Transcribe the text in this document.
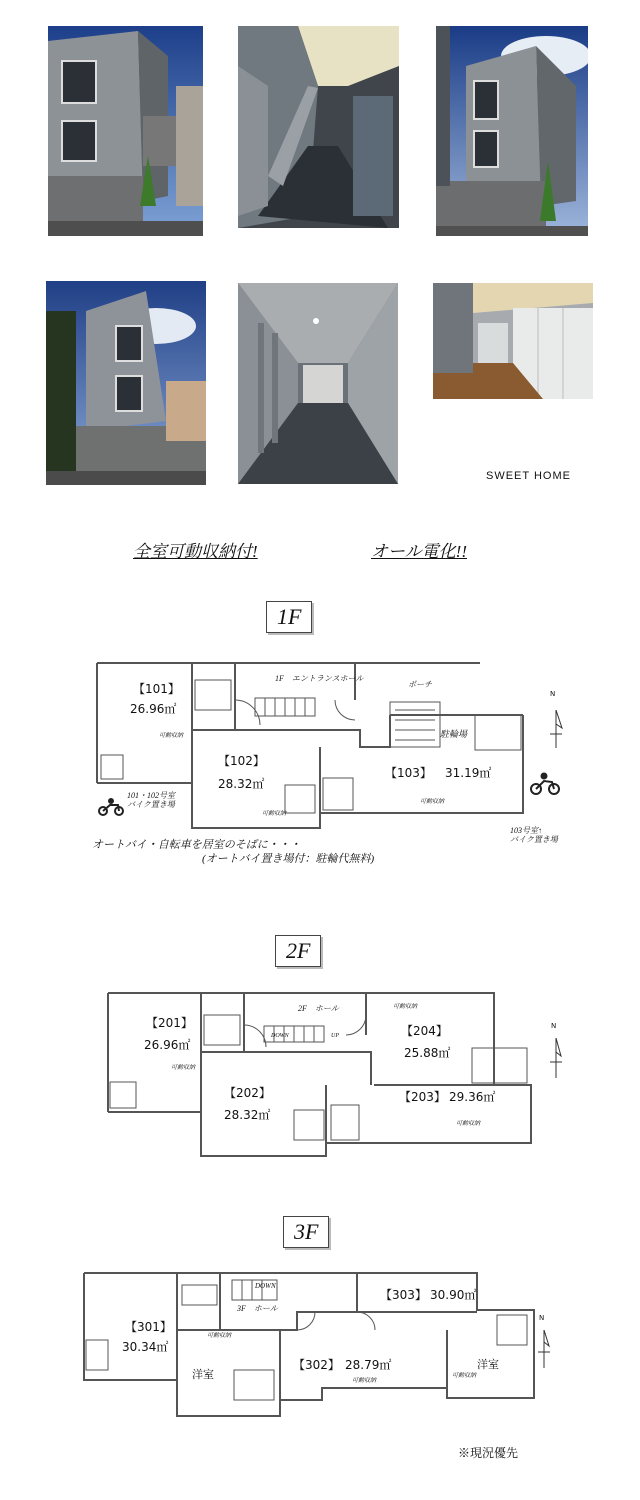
SWEET HOME
全室可動収納付!	オール電化!!
1F
1F　エントランスホール
ポーチ
駐輪場
【101】
26.96㎡
【102】
28.32㎡
【103】 31.19㎡
可動収納
可動収納
可動収納
N
101・102号室
バイク置き場
103号室↑
バイク置き場
オートバイ・自転車を居室のそばに・・・
(オートバイ置き場付：駐輪代無料)
2F
2F　ホール
DOWN	UP
【201】
26.96㎡
【202】
28.32㎡
【203】 29.36㎡
【204】
25.88㎡
可動収納
可動収納
可動収納
N
3F
DOWN
3F　ホール
【301】
30.34㎡
【302】 28.79㎡
【303】 30.90㎡
洋室
洋室
可動収納
可動収納
可動収納
N
※現況優先
